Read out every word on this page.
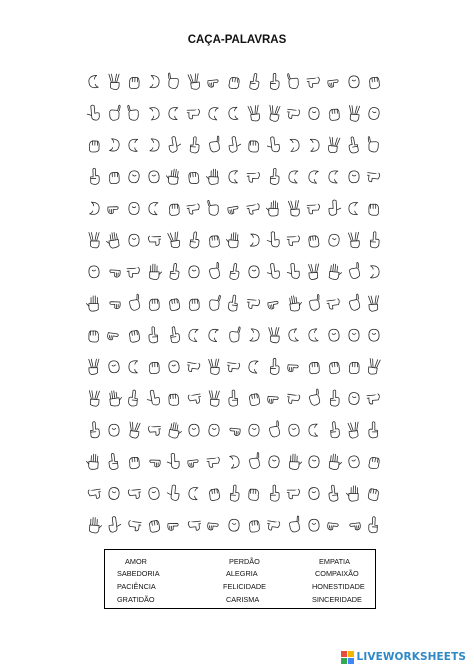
CAÇA-PALAVRAS
AMOR	PERDÃO	EMPATIA
SABEDORIA	ALEGRIA	COMPAIXÃO
PACIÊNCIA	FELICIDADE	HONESTIDADE
GRATIDÃO	CARISMA	SINCERIDADE
LIVEWORKSHEETS
